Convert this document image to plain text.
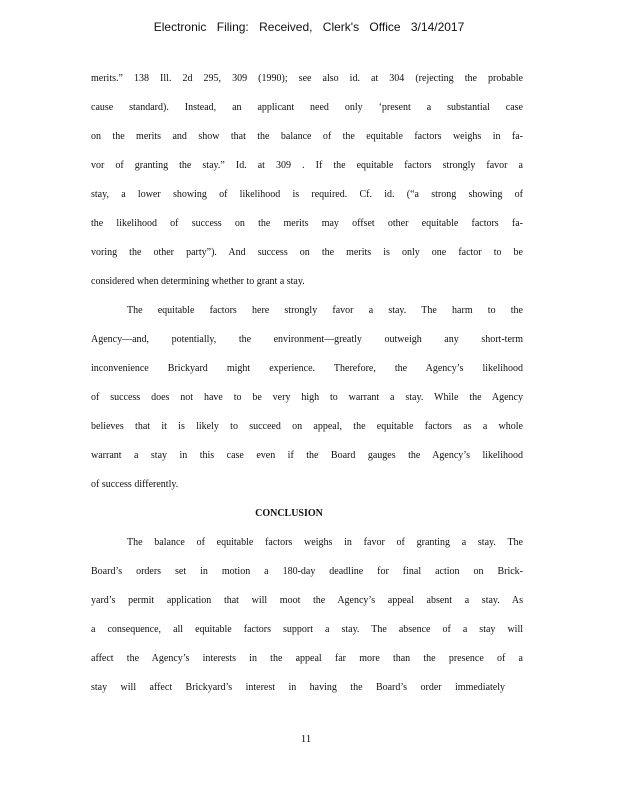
Electronic Filing: Received, Clerk's Office 3/14/2017
merits.” 138 Ill. 2d 295, 309 (1990); see also id. at 304 (rejecting the probable
cause standard). Instead, an applicant need only ‘present a substantial case
on the merits and show that the balance of the equitable factors weighs in fa-
vor of granting the stay.” Id. at 309 . If the equitable factors strongly favor a
stay, a lower showing of likelihood is required. Cf. id. (“a strong showing of
the likelihood of success on the merits may offset other equitable factors fa-
voring the other party”). And success on the merits is only one factor to be
considered when determining whether to grant a stay.
The equitable factors here strongly favor a stay. The harm to the
Agency—and, potentially, the environment—greatly outweigh any short-term
inconvenience Brickyard might experience. Therefore, the Agency’s likelihood
of success does not have to be very high to warrant a stay. While the Agency
believes that it is likely to succeed on appeal, the equitable factors as a whole
warrant a stay in this case even if the Board gauges the Agency’s likelihood
of success differently.
CONCLUSION
The balance of equitable factors weighs in favor of granting a stay. The
Board’s orders set in motion a 180-day deadline for final action on Brick-
yard’s permit application that will moot the Agency’s appeal absent a stay. As
a consequence, all equitable factors support a stay. The absence of a stay will
affect the Agency’s interests in the appeal far more than the presence of a
stay will affect Brickyard’s interest in having the Board’s order immediately
11
